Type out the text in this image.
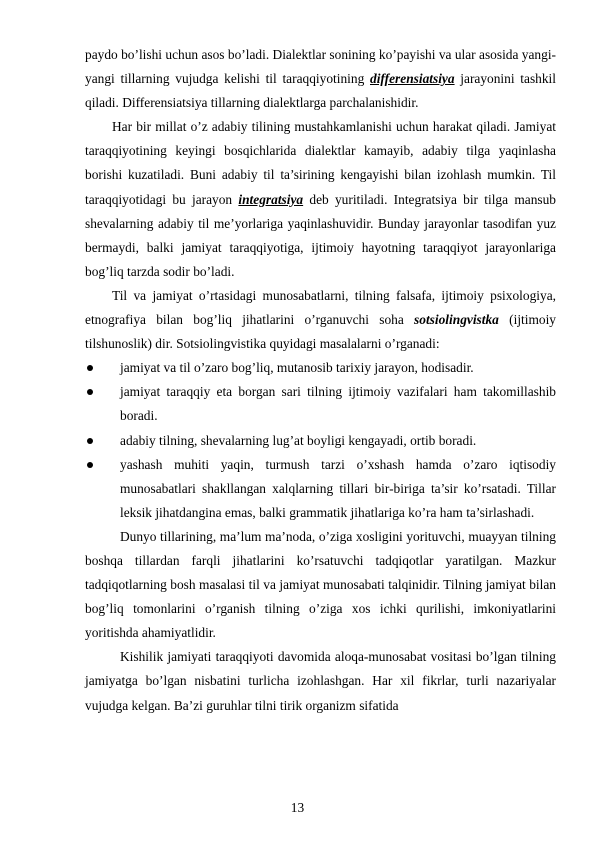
paydo bo’lishi uchun asos bo’ladi. Dialektlar sonining ko’payishi va ular asosida yangi-yangi tillarning vujudga kelishi til taraqqiyotining differensiatsiya jarayonini tashkil qiladi. Differensiatsiya tillarning dialektlarga parchalanishidir.

Har bir millat o’z adabiy tilining mustahkamlanishi uchun harakat qiladi. Jamiyat taraqqiyotining keyingi bosqichlarida dialektlar kamayib, adabiy tilga yaqinlasha borishi kuzatiladi. Buni adabiy til ta’sirining kengayishi bilan izohlash mumkin. Til taraqqiyotidagi bu jarayon integratsiya deb yuritiladi. Integratsiya bir tilga mansub shevalarning adabiy til me’yorlariga yaqinlashuvidir. Bunday jarayonlar tasodifan yuz bermaydi, balki jamiyat taraqqiyotiga, ijtimoiy hayotning taraqqiyot jarayonlariga bog’liq tarzda sodir bo’ladi.

Til va jamiyat o’rtasidagi munosabatlarni, tilning falsafa, ijtimoiy psixologiya, etnografiya bilan bog’liq jihatlarini o’rganuvchi soha sotsiolingvistka (ijtimoiy tilshunoslik) dir. Sotsiolingvistika quyidagi masalalarni o’rganadi:

jamiyat va til o’zaro bog’liq, mutanosib tarixiy jarayon, hodisadir.
jamiyat taraqqiy eta borgan sari tilning ijtimoiy vazifalari ham takomillashib boradi.
adabiy tilning, shevalarning lug’at boyligi kengayadi, ortib boradi.
yashash muhiti yaqin, turmush tarzi o’xshash hamda o’zaro iqtisodiy munosabatlari shakllangan xalqlarning tillari bir-biriga ta’sir ko’rsatadi. Tillar leksik jihatdangina emas, balki grammatik jihatlariga ko’ra ham ta’sirlashadi.

Dunyo tillarining, ma’lum ma’noda, o’ziga xosligini yorituvchi, muayyan tilning boshqa tillardan farqli jihatlarini ko’rsatuvchi tadqiqotlar yaratilgan. Mazkur tadqiqotlarning bosh masalasi til va jamiyat munosabati talqinidir. Tilning jamiyat bilan bog’liq tomonlarini o’rganish tilning o’ziga xos ichki qurilishi, imkoniyatlarini yoritishda ahamiyatlidir.

Kishilik jamiyati taraqqiyoti davomida aloqa-munosabat vositasi bo’lgan tilning jamiyatga bo’lgan nisbatini turlicha izohlashgan. Har xil fikrlar, turli nazariyalar vujudga kelgan. Ba’zi guruhlar tilni tirik organizm sifatida

13
